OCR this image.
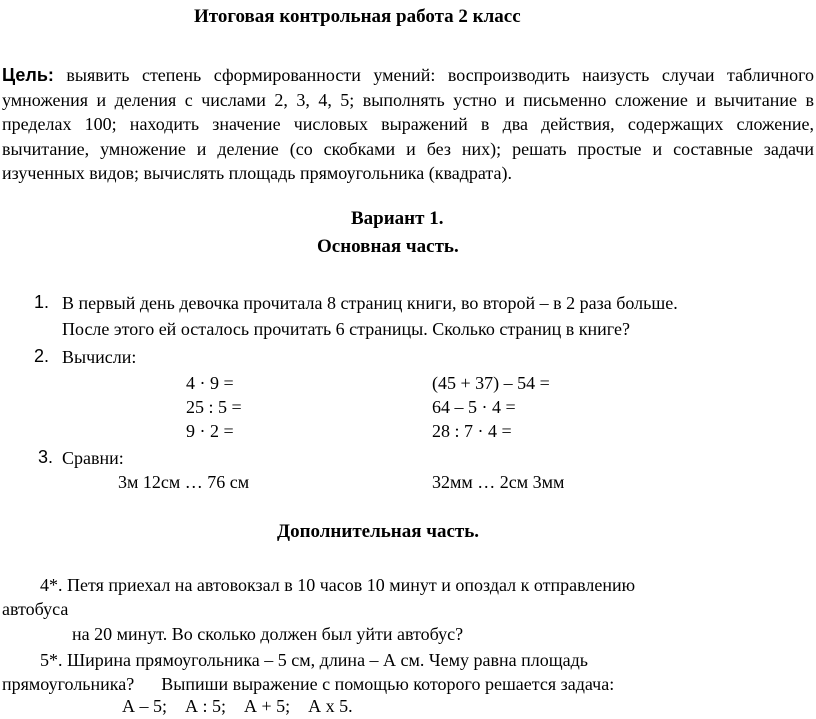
Итоговая контрольная работа 2 класс
Цель: выявить степень сформированности умений: воспроизводить наизусть случаи табличного умножения и деления с числами 2, 3, 4, 5; выполнять устно и письменно сложение и вычитание в пределах 100; находить значение числовых выражений в два действия, содержащих сложение, вычитание, умножение и деление (со скобками и без них); решать простые и составные задачи изученных видов; вычислять площадь прямоугольника (квадрата).
Вариант 1.
Основная часть.
1. В первый день девочка прочитала 8 страниц книги, во второй – в 2 раза больше.
После этого ей осталось прочитать 6 страницы. Сколько страниц в книге?
2. Вычисли:
4 · 9 =
25 : 5 =
9 · 2 =
(45 + 37) – 54 =
64 – 5 · 4 =
28 : 7 · 4 =
3. Сравни:
3м 12см … 76 см	32мм … 2см 3мм
Дополнительная часть.
4*. Петя приехал на автовокзал в 10 часов 10 минут и опоздал к отправлению
автобуса
на 20 минут. Во сколько должен был уйти автобус?
5*. Ширина прямоугольника – 5 см, длина – А см. Чему равна площадь
прямоугольника?      Выпиши выражение с помощью которого решается задача:
А – 5;    А : 5;    А + 5;    А х 5.
